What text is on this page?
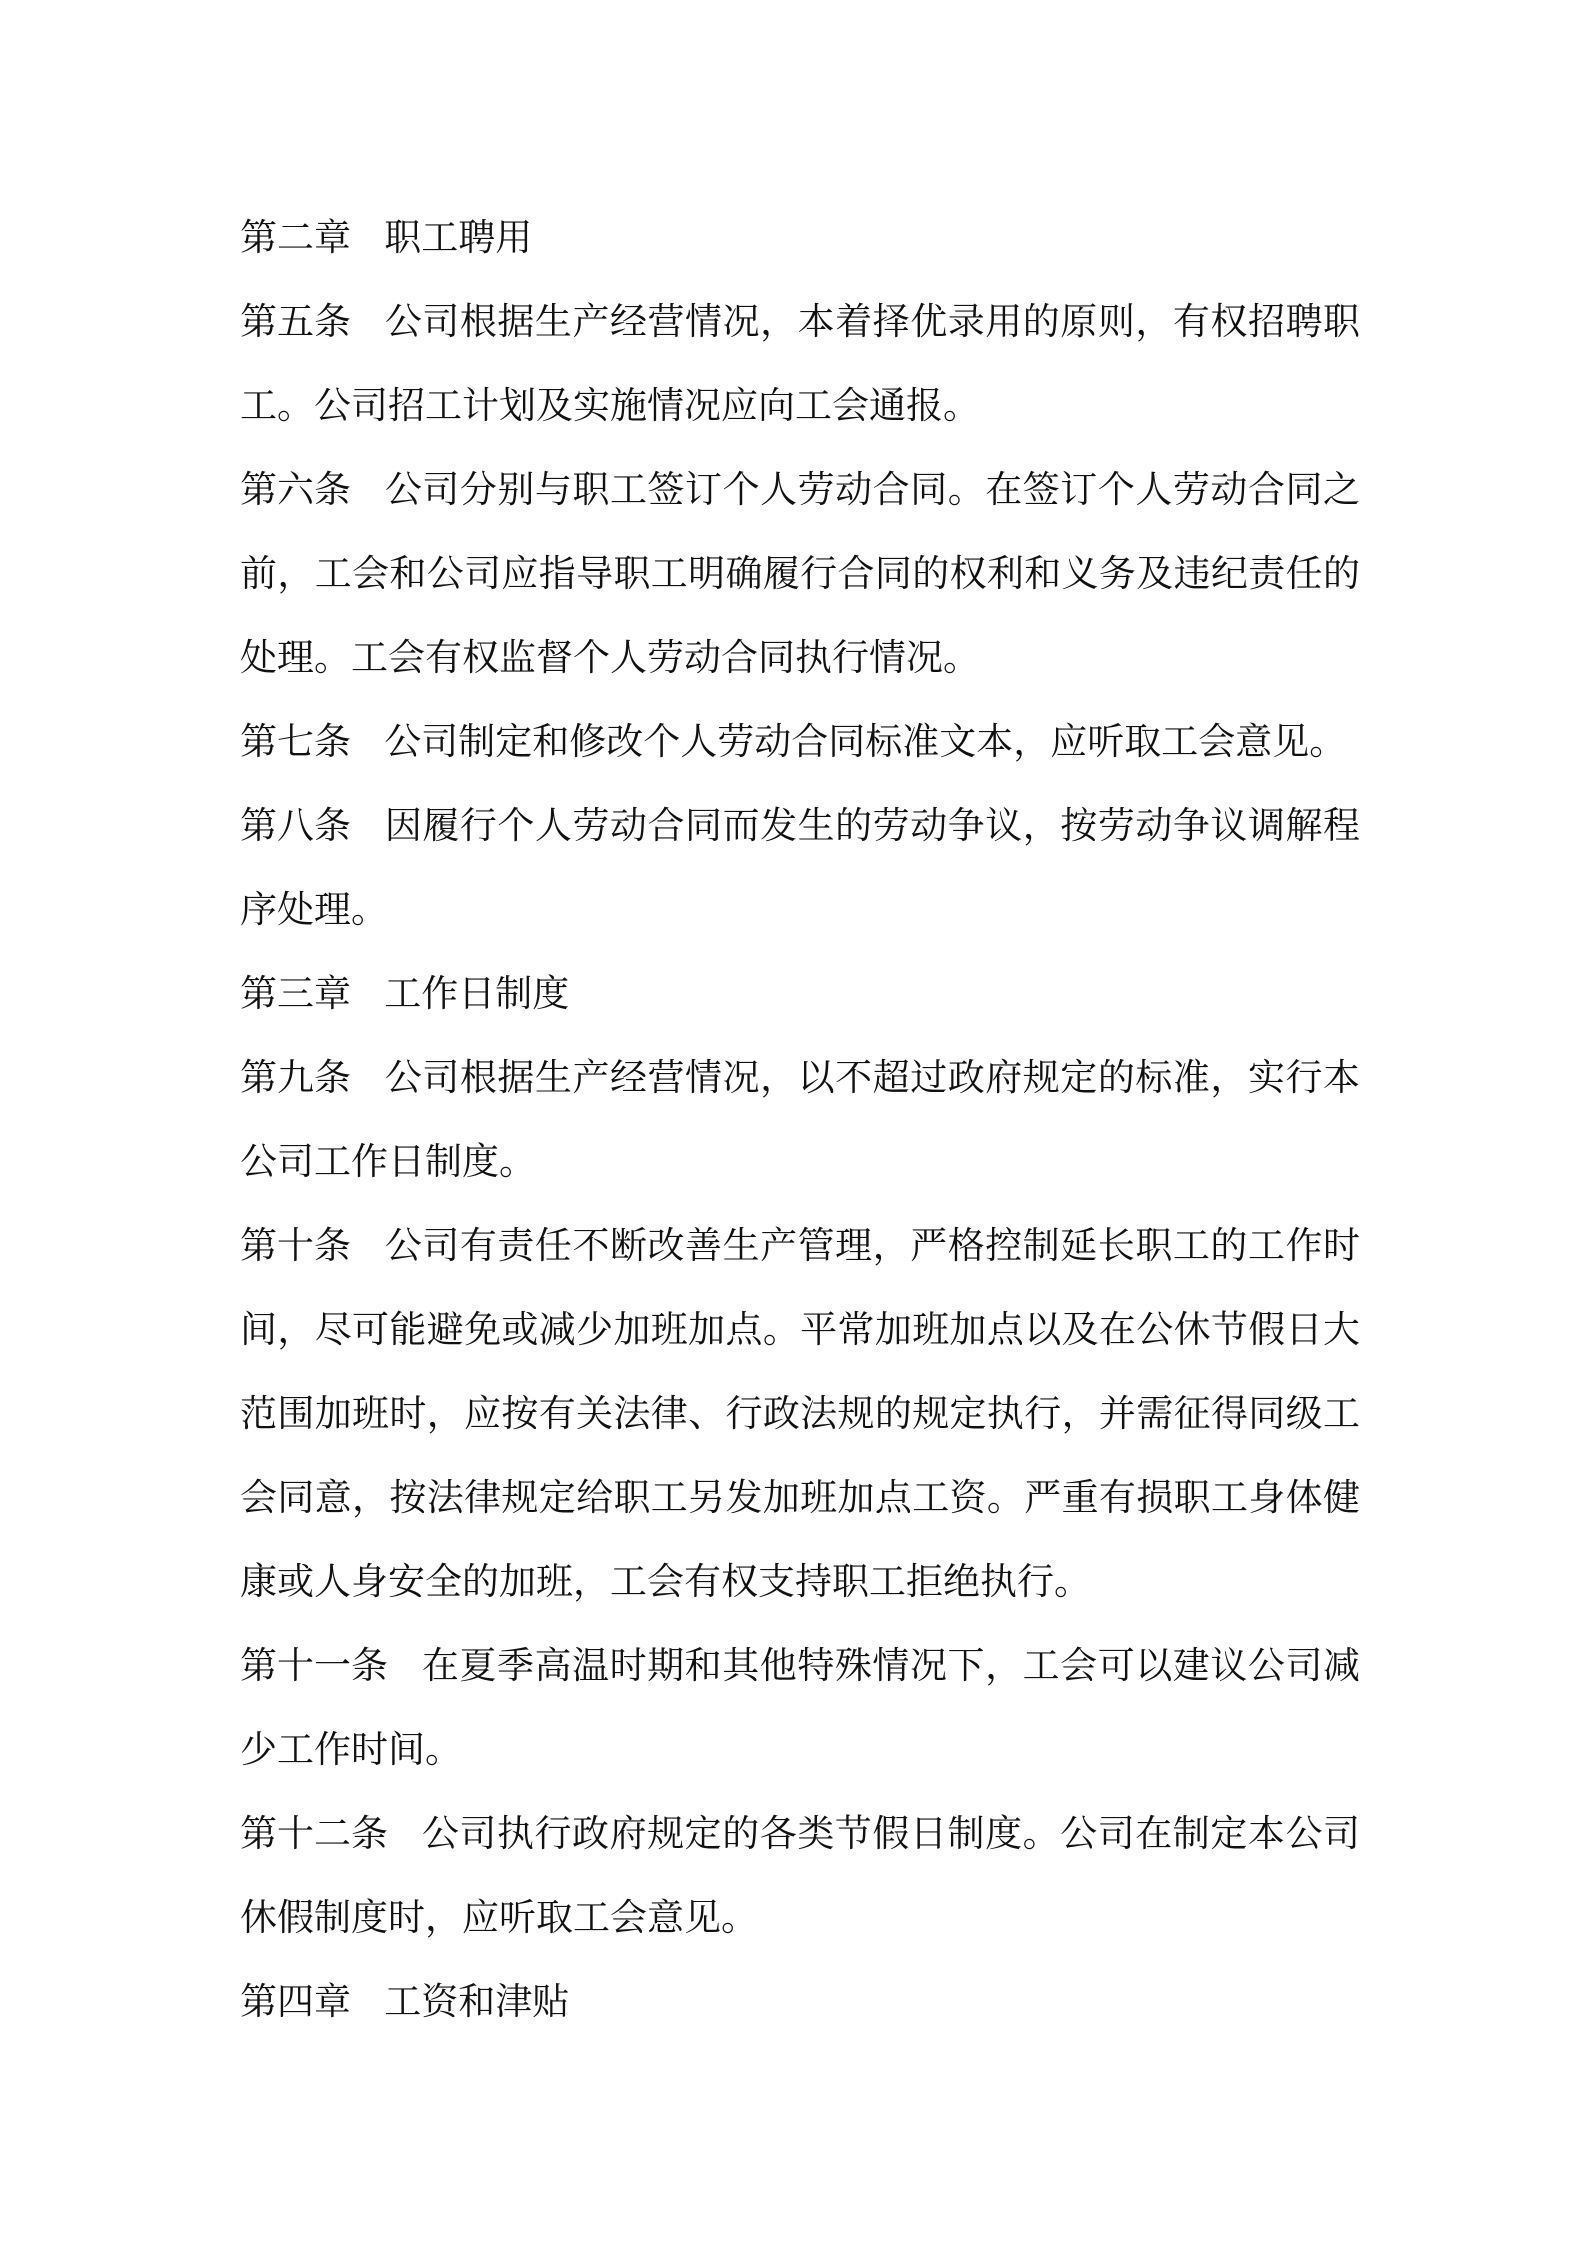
第二章 职工聘用
第五条 公司根据生产经营情况，本着择优录用的原则，有权招聘职
工。公司招工计划及实施情况应向工会通报。
第六条 公司分别与职工签订个人劳动合同。在签订个人劳动合同之
前，工会和公司应指导职工明确履行合同的权利和义务及违纪责任的
处理。工会有权监督个人劳动合同执行情况。
第七条 公司制定和修改个人劳动合同标准文本，应听取工会意见。
第八条 因履行个人劳动合同而发生的劳动争议，按劳动争议调解程
序处理。
第三章 工作日制度
第九条 公司根据生产经营情况，以不超过政府规定的标准，实行本
公司工作日制度。
第十条 公司有责任不断改善生产管理，严格控制延长职工的工作时
间，尽可能避免或减少加班加点。平常加班加点以及在公休节假日大
范围加班时，应按有关法律、行政法规的规定执行，并需征得同级工
会同意，按法律规定给职工另发加班加点工资。严重有损职工身体健
康或人身安全的加班，工会有权支持职工拒绝执行。
第十一条 在夏季高温时期和其他特殊情况下，工会可以建议公司减
少工作时间。
第十二条 公司执行政府规定的各类节假日制度。公司在制定本公司
休假制度时，应听取工会意见。
第四章 工资和津贴
